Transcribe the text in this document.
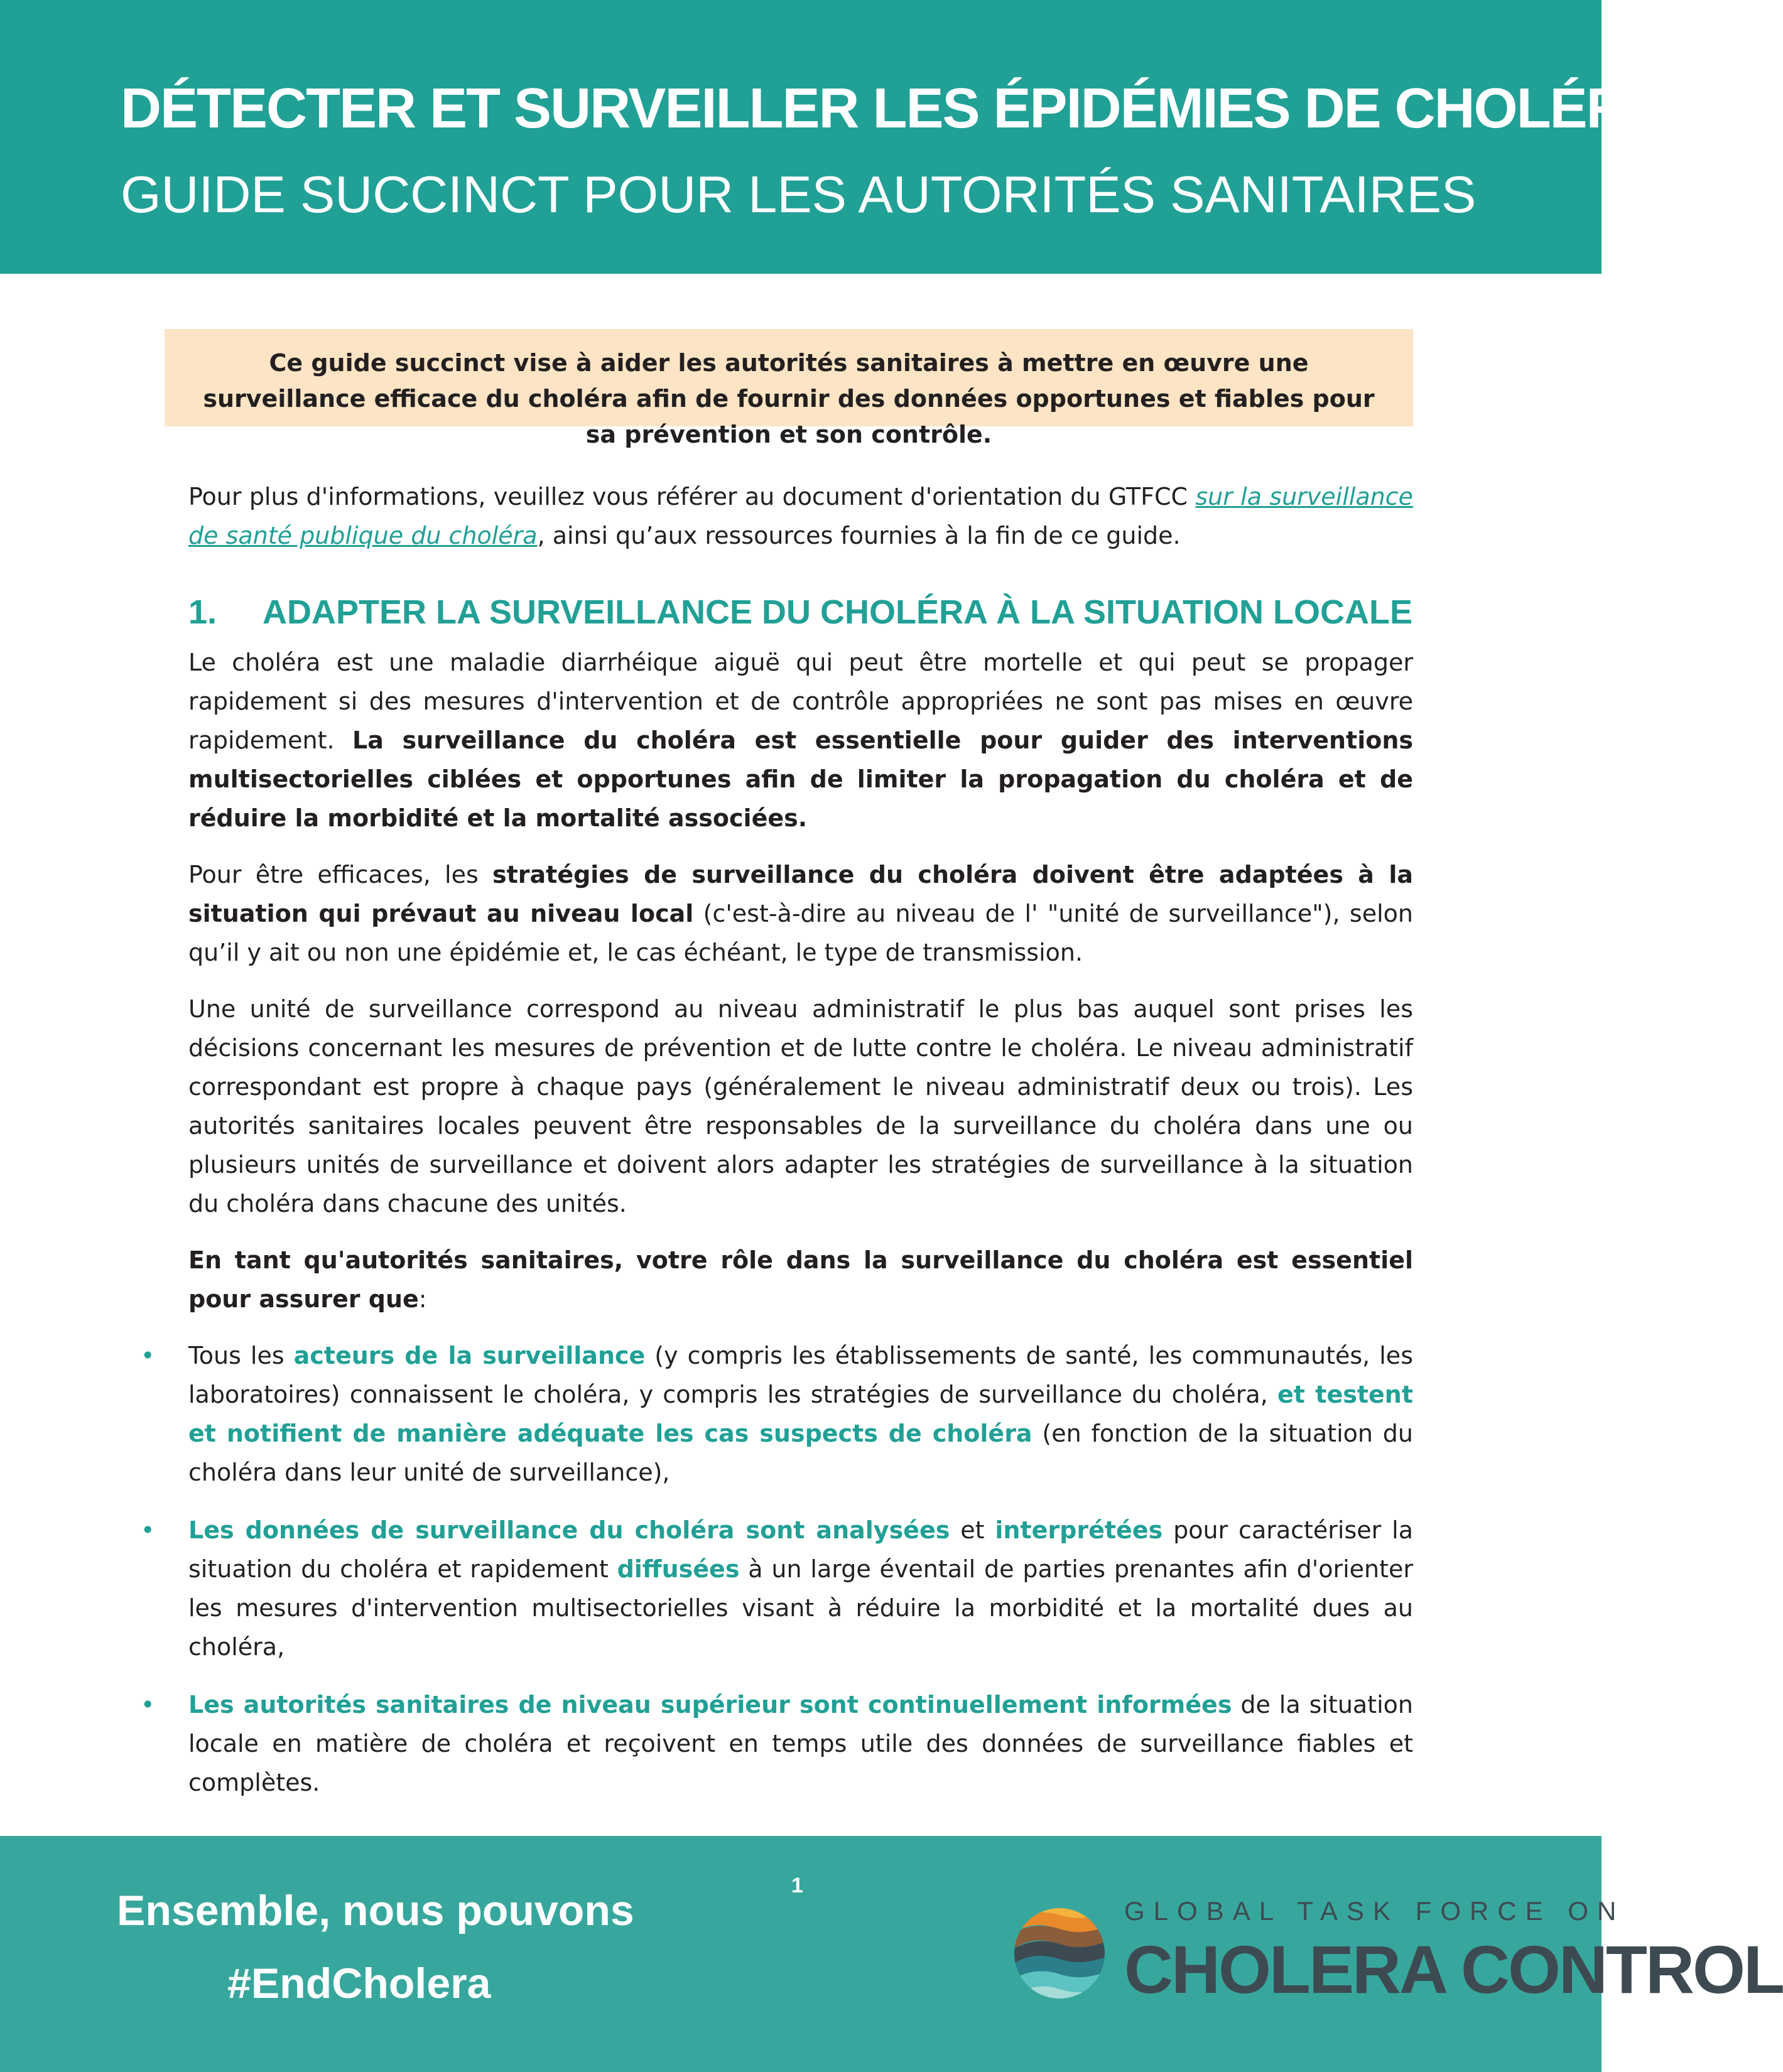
DÉTECTER ET SURVEILLER LES ÉPIDÉMIES DE CHOLÉRA
GUIDE SUCCINCT POUR LES AUTORITÉS SANITAIRES
Ce guide succinct vise à aider les autorités sanitaires à mettre en œuvre une surveillance efficace du choléra afin de fournir des données opportunes et fiables pour sa prévention et son contrôle.

Pour plus d'informations, veuillez vous référer au document d'orientation du GTFCC sur la surveillance de santé publique du choléra, ainsi qu’aux ressources fournies à la fin de ce guide.

1. ADAPTER LA SURVEILLANCE DU CHOLÉRA À LA SITUATION LOCALE

Le choléra est une maladie diarrhéique aiguë qui peut être mortelle et qui peut se propager rapidement si des mesures d'intervention et de contrôle appropriées ne sont pas mises en œuvre rapidement. La surveillance du choléra est essentielle pour guider des interventions multisectorielles ciblées et opportunes afin de limiter la propagation du choléra et de réduire la morbidité et la mortalité associées.

Pour être efficaces, les stratégies de surveillance du choléra doivent être adaptées à la situation qui prévaut au niveau local (c'est-à-dire au niveau de l' "unité de surveillance"), selon qu’il y ait ou non une épidémie et, le cas échéant, le type de transmission.

Une unité de surveillance correspond au niveau administratif le plus bas auquel sont prises les décisions concernant les mesures de prévention et de lutte contre le choléra. Le niveau administratif correspondant est propre à chaque pays (généralement le niveau administratif deux ou trois). Les autorités sanitaires locales peuvent être responsables de la surveillance du choléra dans une ou plusieurs unités de surveillance et doivent alors adapter les stratégies de surveillance à la situation du choléra dans chacune des unités.

En tant qu'autorités sanitaires, votre rôle dans la surveillance du choléra est essentiel pour assurer que:

• Tous les acteurs de la surveillance (y compris les établissements de santé, les communautés, les laboratoires) connaissent le choléra, y compris les stratégies de surveillance du choléra, et testent et notifient de manière adéquate les cas suspects de choléra (en fonction de la situation du choléra dans leur unité de surveillance),
• Les données de surveillance du choléra sont analysées et interprétées pour caractériser la situation du choléra et rapidement diffusées à un large éventail de parties prenantes afin d'orienter les mesures d'intervention multisectorielles visant à réduire la morbidité et la mortalité dues au choléra,
• Les autorités sanitaires de niveau supérieur sont continuellement informées de la situation locale en matière de choléra et reçoivent en temps utile des données de surveillance fiables et complètes.
Ensemble, nous pouvons
#EndCholera
1
GLOBAL TASK FORCE ON
CHOLERA CONTROL
